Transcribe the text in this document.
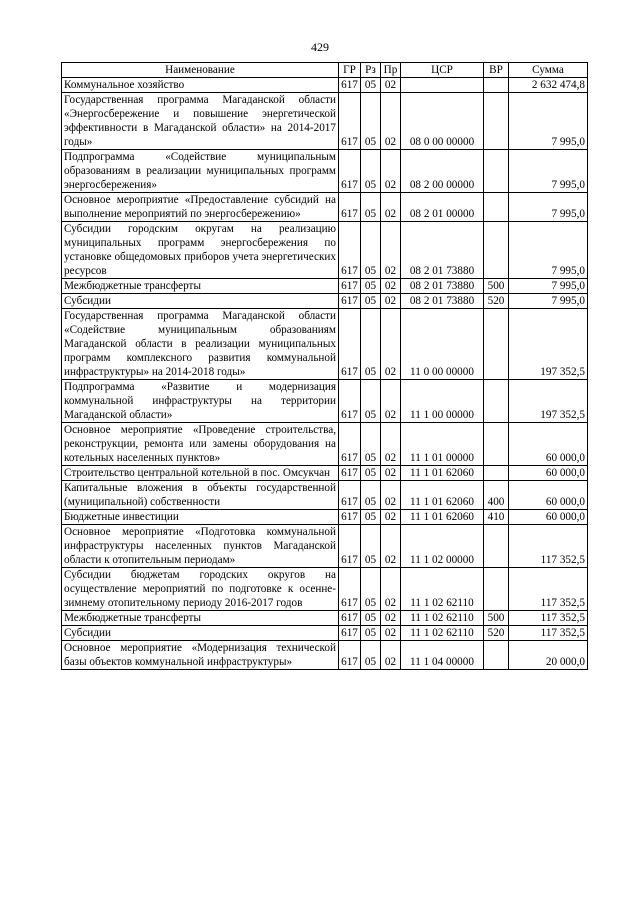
429
Наименование	ГР	Рз	Пр	ЦСР	ВР	Сумма
Коммунальное хозяйство	617	05	02			2 632 474,8
Государственная программа Магаданской области «Энергосбережение и повышение энергетической эффективности в Магаданской области» на 2014-2017 годы»	617	05	02	08 0 00 00000		7 995,0
Подпрограмма «Содействие муниципальным образованиям в реализации муниципальных программ энергосбережения»	617	05	02	08 2 00 00000		7 995,0
Основное мероприятие «Предоставление субсидий на выполнение мероприятий по энергосбережению»	617	05	02	08 2 01 00000		7 995,0
Субсидии городским округам на реализацию муниципальных программ энергосбережения по установке общедомовых приборов учета энергетических ресурсов	617	05	02	08 2 01 73880		7 995,0
Межбюджетные трансферты	617	05	02	08 2 01 73880	500	7 995,0
Субсидии	617	05	02	08 2 01 73880	520	7 995,0
Государственная программа Магаданской области «Содействие муниципальным образованиям Магаданской области в реализации муниципальных программ комплексного развития коммунальной инфраструктуры» на 2014-2018 годы»	617	05	02	11 0 00 00000		197 352,5
Подпрограмма «Развитие и модернизация коммунальной инфраструктуры на территории Магаданской области»	617	05	02	11 1 00 00000		197 352,5
Основное мероприятие «Проведение строительства, реконструкции, ремонта или замены оборудования на котельных населенных пунктов»	617	05	02	11 1 01 00000		60 000,0
Строительство центральной котельной в пос. Омсукчан	617	05	02	11 1 01 62060		60 000,0
Капитальные вложения в объекты государственной (муниципальной) собственности	617	05	02	11 1 01 62060	400	60 000,0
Бюджетные инвестиции	617	05	02	11 1 01 62060	410	60 000,0
Основное мероприятие «Подготовка коммунальной инфраструктуры населенных пунктов Магаданской области к отопительным периодам»	617	05	02	11 1 02 00000		117 352,5
Субсидии бюджетам городских округов на осуществление мероприятий по подготовке к осенне-зимнему отопительному периоду 2016-2017 годов	617	05	02	11 1 02 62110		117 352,5
Межбюджетные трансферты	617	05	02	11 1 02 62110	500	117 352,5
Субсидии	617	05	02	11 1 02 62110	520	117 352,5
Основное мероприятие «Модернизация технической базы объектов коммунальной инфраструктуры»	617	05	02	11 1 04 00000		20 000,0
